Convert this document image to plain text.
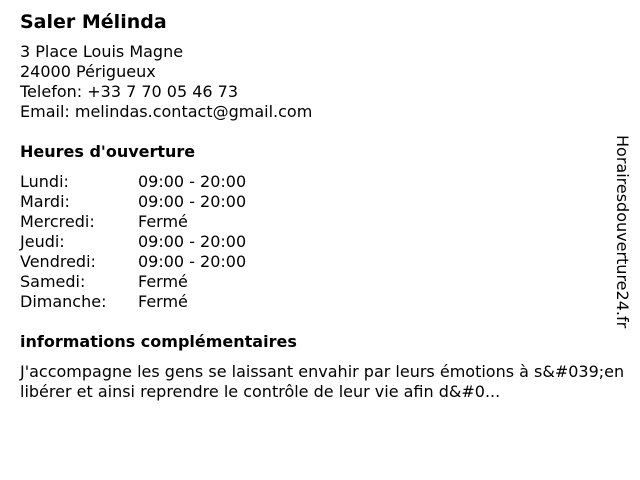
Saler Mélinda
3 Place Louis Magne
24000 Périgueux
Telefon: +33 7 70 05 46 73
Email: melindas.contact@gmail.com
Heures d'ouverture
Lundi:	09:00 - 20:00
Mardi:	09:00 - 20:00
Mercredi:	Fermé
Jeudi:	09:00 - 20:00
Vendredi:	09:00 - 20:00
Samedi:	Fermé
Dimanche:	Fermé
informations complémentaires
J'accompagne les gens se laissant envahir par leurs émotions à s&#039;en libérer et ainsi reprendre le contrôle de leur vie afin d&#0...
Horairesdouverture24.fr
